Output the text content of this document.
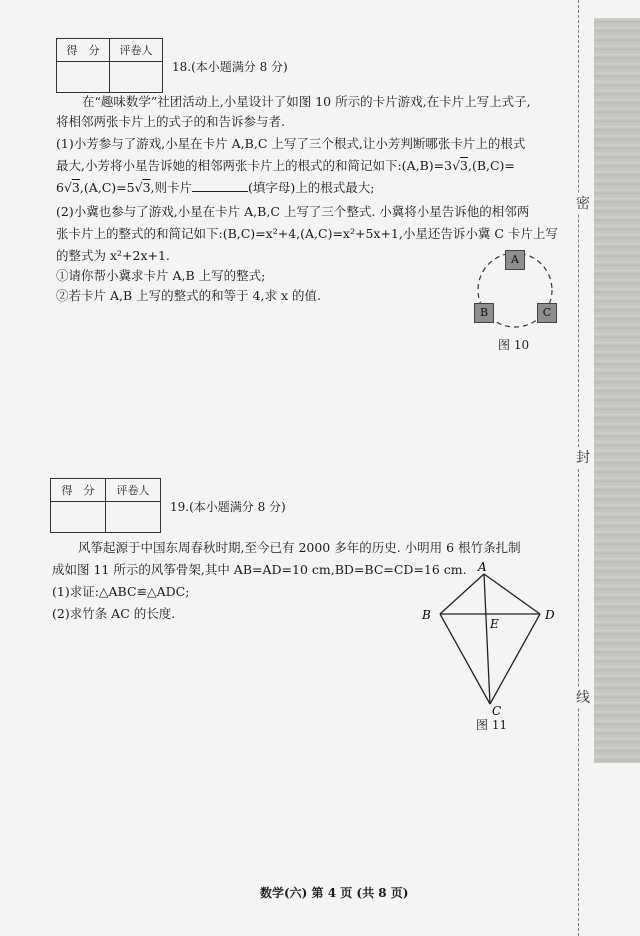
密
封
线
得　分	评卷人

18.(本小题满分 8 分)
在“趣味数学”社团活动上,小星设计了如图 10 所示的卡片游戏,在卡片上写上式子,
将相邻两张卡片上的式子的和告诉参与者.
(1)小芳参与了游戏,小星在卡片 A,B,C 上写了三个根式,让小芳判断哪张卡片上的根式
最大,小芳将小星告诉她的相邻两张卡片上的根式的和简记如下:(A,B)=3√3,(B,C)=
6√3,(A,C)=5√3,则卡片	(填字母)上的根式最大;
(2)小冀也参与了游戏,小星在卡片 A,B,C 上写了三个整式. 小冀将小星告诉他的相邻两
张卡片上的整式的和简记如下:(B,C)=x²+4,(A,C)=x²+5x+1,小星还告诉小冀 C 卡片上写
的整式为 x²+2x+1.
①请你帮小冀求卡片 A,B 上写的整式;
②若卡片 A,B 上写的整式的和等于 4,求 x 的值.
A
B	C
图 10
得　分	评卷人

19.(本小题满分 8 分)
风筝起源于中国东周春秋时期,至今已有 2000 多年的历史. 小明用 6 根竹条扎制
成如图 11 所示的风筝骨架,其中 AB=AD=10 cm,BD=BC=CD=16 cm.
(1)求证:△ABC≌△ADC;
(2)求竹条 AC 的长度.
A
B	D
E
C
图 11
数学(六) 第 4 页 (共 8 页)
